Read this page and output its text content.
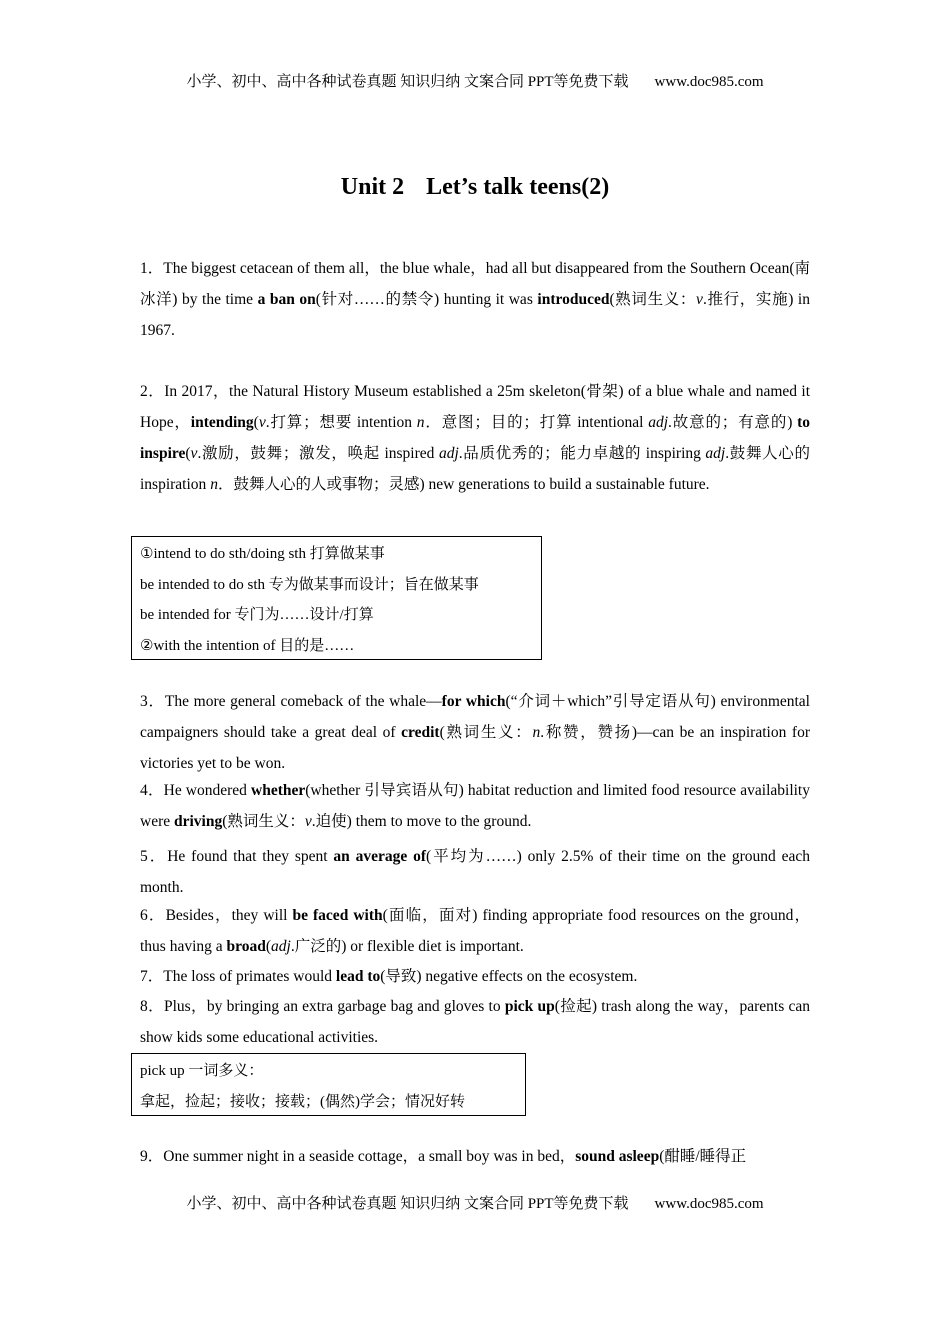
小学、初中、高中各种试卷真题 知识归纳 文案合同 PPT等免费下载 www.doc985.com
Unit 2 Let’s talk teens(2)
1．The biggest cetacean of them all，the blue whale，had all but disappeared from the Southern Ocean(南冰洋) by the time a ban on(针对……的禁令) hunting it was introduced(熟词生义：v.推行，实施) in 1967.
2．In 2017，the Natural History Museum established a 25m skeleton(骨架) of a blue whale and named it Hope，intending(v.打算；想要 intention n．意图；目的；打算 intentional adj.故意的；有意的) to inspire(v.激励，鼓舞；激发，唤起 inspired adj.品质优秀的；能力卓越的 inspiring adj.鼓舞人心的 inspiration n．鼓舞人心的人或事物；灵感) new generations to build a sustainable future.
①intend to do sth/doing sth 打算做某事
be intended to do sth 专为做某事而设计；旨在做某事
be intended for 专门为……设计/打算
②with the intention of 目的是……
3．The more general comeback of the whale—for which(“介词＋which”引导定语从句) environmental campaigners should take a great deal of credit(熟词生义：n.称赞，赞扬)—can be an inspiration for victories yet to be won.
4．He wondered whether(whether 引导宾语从句) habitat reduction and limited food resource availability were driving(熟词生义：v.迫使) them to move to the ground.
5．He found that they spent an average of(平均为……) only 2.5% of their time on the ground each month.
6．Besides，they will be faced with(面临，面对) finding appropriate food resources on the ground，thus having a broad(adj.广泛的) or flexible diet is important.
7．The loss of primates would lead to(导致) negative effects on the ecosystem.
8．Plus，by bringing an extra garbage bag and gloves to pick up(捡起) trash along the way，parents can show kids some educational activities.
pick up 一词多义：
拿起，捡起；接收；接载；(偶然)学会；情况好转
9．One summer night in a seaside cottage，a small boy was in bed，sound asleep(酣睡/睡得正
小学、初中、高中各种试卷真题 知识归纳 文案合同 PPT等免费下载 www.doc985.com
